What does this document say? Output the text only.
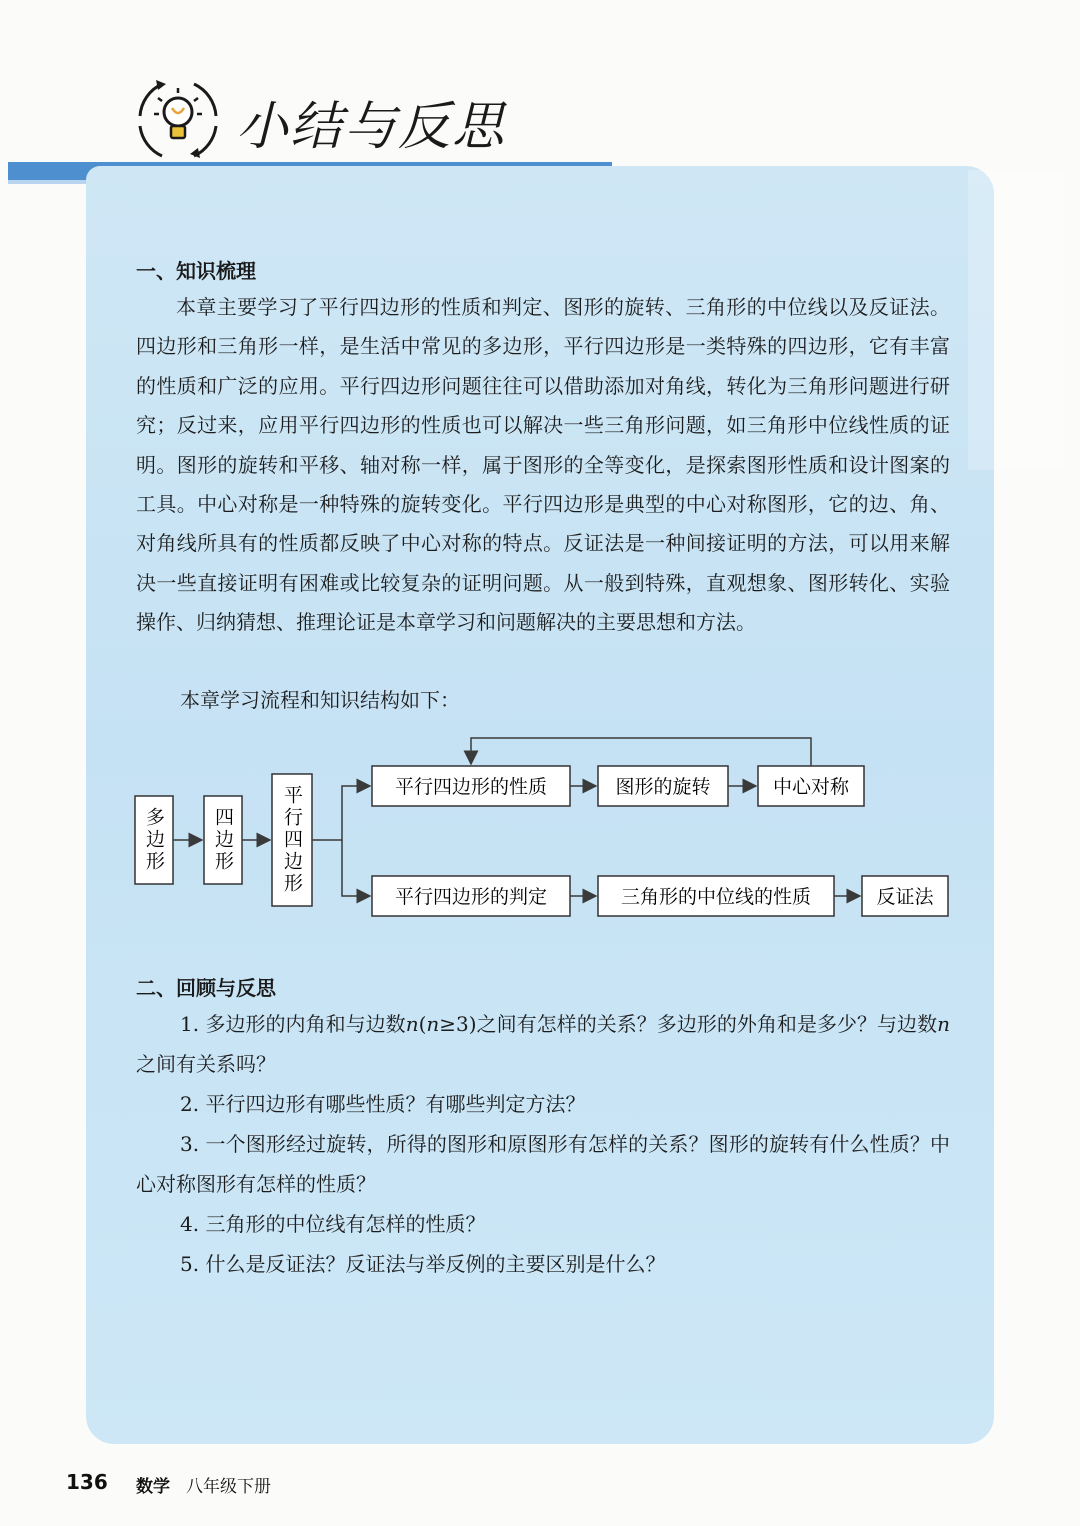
小结与反思
一、知识梳理

本章主要学习了平行四边形的性质和判定、图形的旋转、三角形的中位线以及反证法。四边形和三角形一样，是生活中常见的多边形，平行四边形是一类特殊的四边形，它有丰富的性质和广泛的应用。平行四边形问题往往可以借助添加对角线，转化为三角形问题进行研究；反过来，应用平行四边形的性质也可以解决一些三角形问题，如三角形中位线性质的证明。图形的旋转和平移、轴对称一样，属于图形的全等变化，是探索图形性质和设计图案的工具。中心对称是一种特殊的旋转变化。平行四边形是典型的中心对称图形，它的边、角、对角线所具有的性质都反映了中心对称的特点。反证法是一种间接证明的方法，可以用来解决一些直接证明有困难或比较复杂的证明问题。从一般到特殊，直观想象、图形转化、实验操作、归纳猜想、推理论证是本章学习和问题解决的主要思想和方法。

本章学习流程和知识结构如下：

多边形 四边形 平行四边形	平行四边形的性质	图形的旋转	中心对称
平行四边形的判定	三角形的中位线的性质	反证法
二、回顾与反思

1. 多边形的内角和与边数n(n≥3)之间有怎样的关系？多边形的外角和是多少？与边数n之间有关系吗？

2. 平行四边形有哪些性质？有哪些判定方法？

3. 一个图形经过旋转，所得的图形和原图形有怎样的关系？图形的旋转有什么性质？中心对称图形有怎样的性质？

4. 三角形的中位线有怎样的性质？

5. 什么是反证法？反证法与举反例的主要区别是什么？

136 数学 八年级下册
